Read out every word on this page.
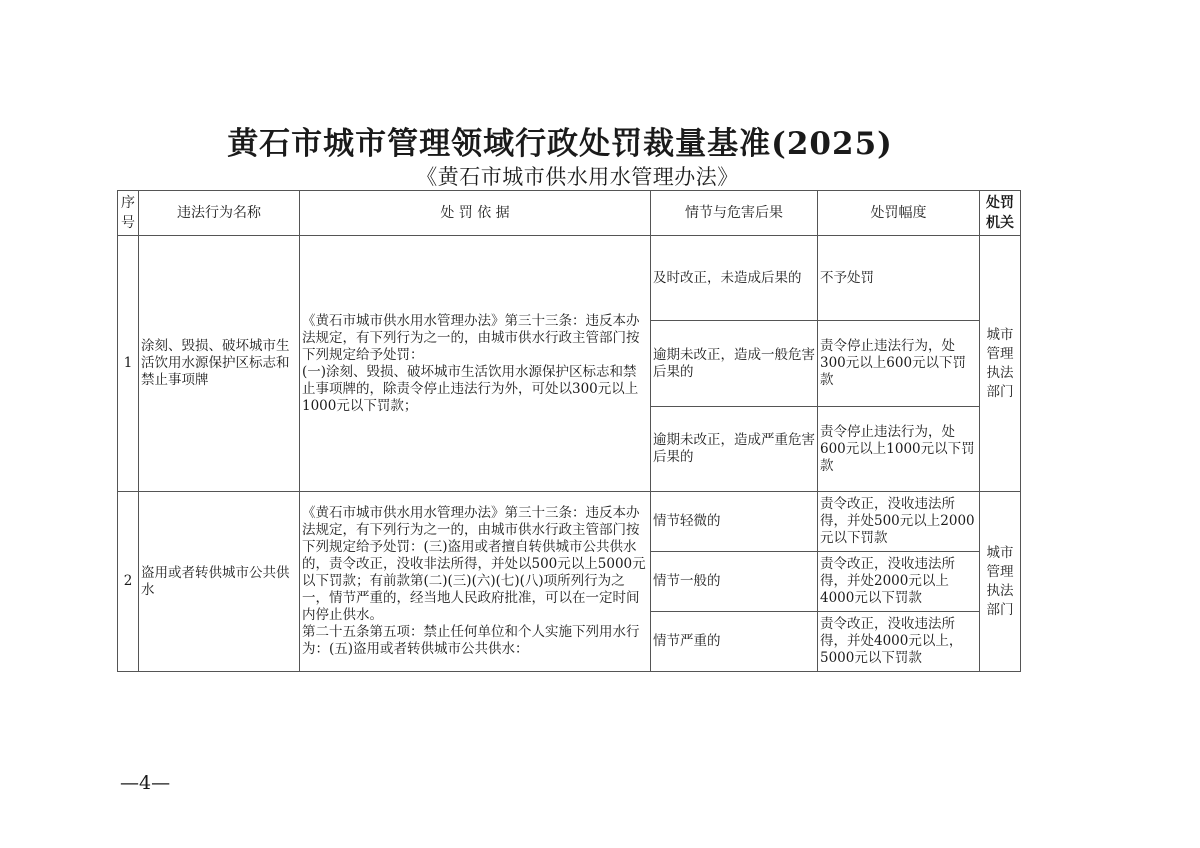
黄石市城市管理领域行政处罚裁量基准(2025)
《黄石市城市供水用水管理办法》
序号	违法行为名称	处 罚 依 据	情节与危害后果	处罚幅度	处罚机关
1	涂刻、毁损、破坏城市生活饮用水源保护区标志和禁止事项牌	《黄石市城市供水用水管理办法》第三十三条：违反本办法规定，有下列行为之一的，由城市供水行政主管部门按下列规定给予处罚：
(一)涂刻、毁损、破坏城市生活饮用水源保护区标志和禁止事项牌的，除责令停止违法行为外，可处以300元以上1000元以下罚款；	及时改正，未造成后果的	不予处罚	城市管理执法部门
			逾期未改正，造成一般危害后果的	责令停止违法行为，处300元以上600元以下罚款	
			逾期未改正，造成严重危害后果的	责令停止违法行为，处600元以上1000元以下罚款	
2	盗用或者转供城市公共供水	《黄石市城市供水用水管理办法》第三十三条：违反本办法规定，有下列行为之一的，由城市供水行政主管部门按下列规定给予处罚：(三)盗用或者擅自转供城市公共供水的，责令改正，没收非法所得，并处以500元以上5000元以下罚款；有前款第(二)(三)(六)(七)(八)项所列行为之一，情节严重的，经当地人民政府批准，可以在一定时间内停止供水。
第二十五条第五项：禁止任何单位和个人实施下列用水行为：(五)盗用或者转供城市公共供水：	情节轻微的	责令改正，没收违法所得，并处500元以上2000元以下罚款	城市管理执法部门
			情节一般的	责令改正，没收违法所得，并处2000元以上4000元以下罚款	
			情节严重的	责令改正，没收违法所得，并处4000元以上，5000元以下罚款	
—4—
